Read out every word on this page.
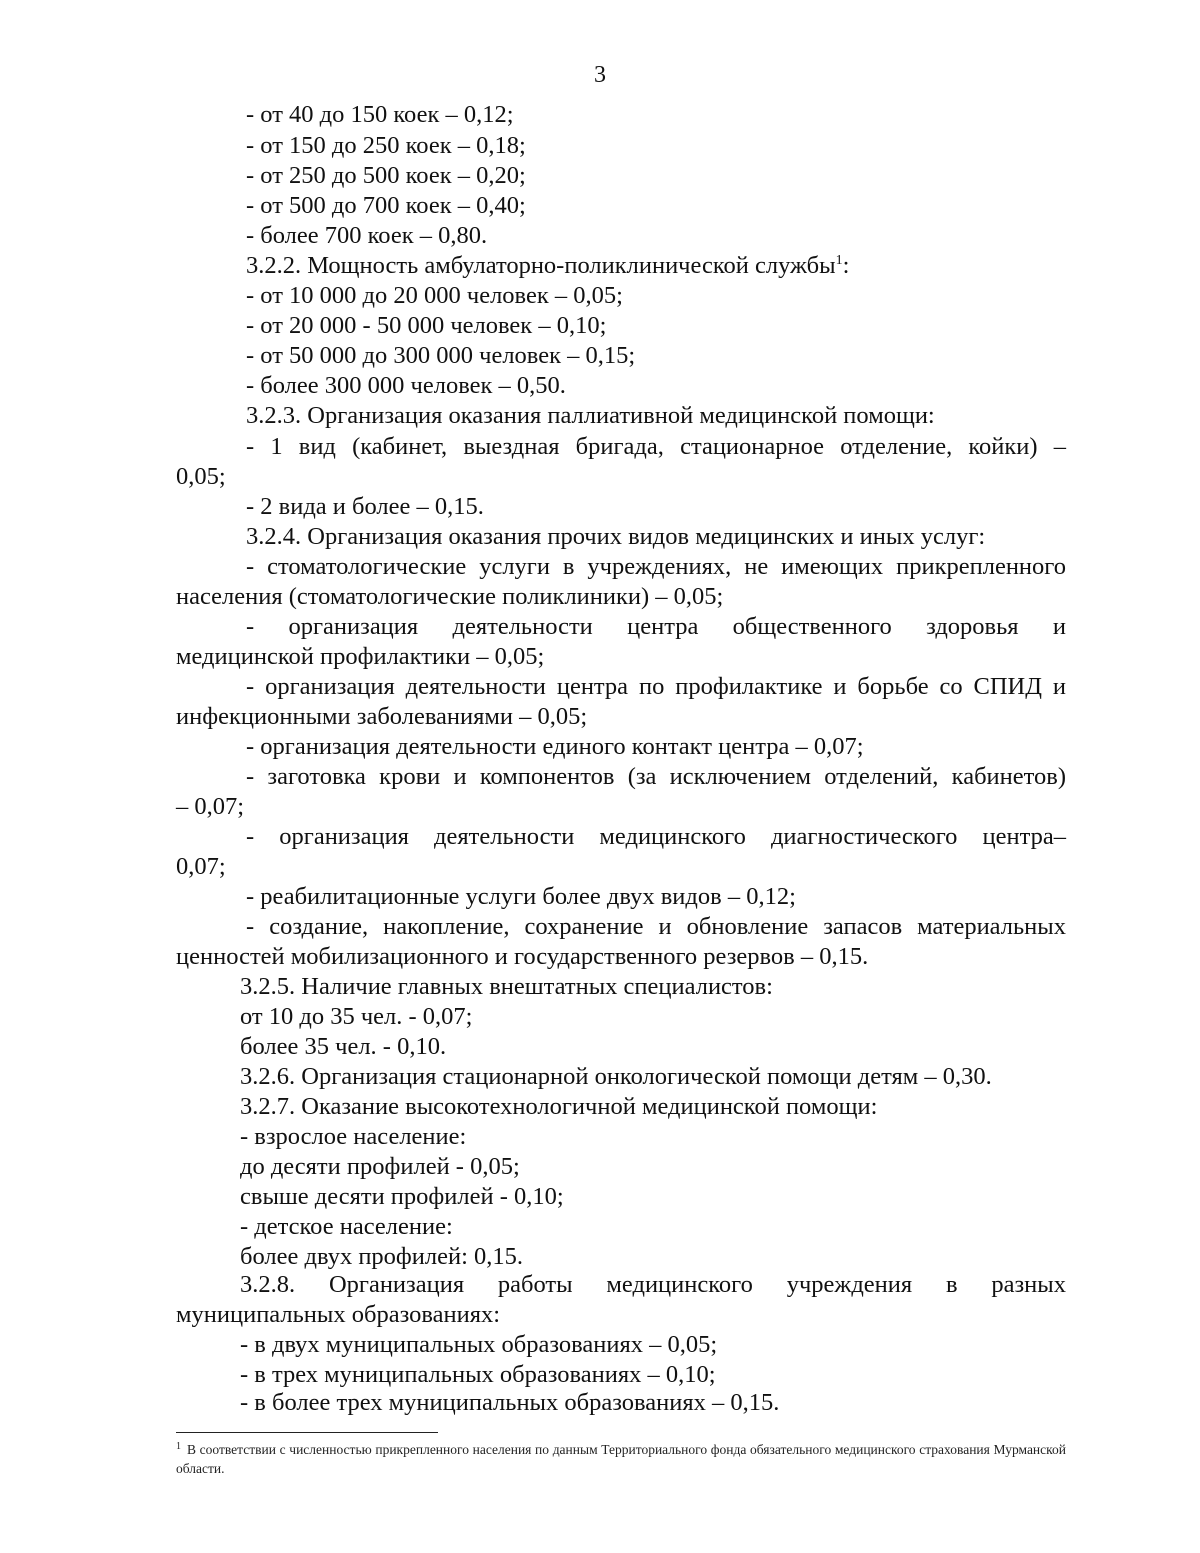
3
- от 40 до 150 коек – 0,12;
- от 150 до 250 коек – 0,18;
- от 250 до 500 коек – 0,20;
- от 500 до 700 коек – 0,40;
- более 700 коек – 0,80.
3.2.2. Мощность амбулаторно-поликлинической службы$^1$:
- от 10 000 до 20 000 человек – 0,05;
- от 20 000 - 50 000 человек – 0,10;
- от 50 000 до 300 000 человек – 0,15;
- более 300 000 человек – 0,50.
3.2.3. Организация оказания паллиативной медицинской помощи:
- 1 вид (кабинет, выездная бригада, стационарное отделение, койки) –
0,05;
- 2 вида и более – 0,15.
3.2.4. Организация оказания прочих видов медицинских и иных услуг:
- стоматологические услуги в учреждениях, не имеющих прикрепленного
населения (стоматологические поликлиники) – 0,05;
- организация деятельности центра общественного здоровья и
медицинской профилактики – 0,05;
- организация деятельности центра по профилактике и борьбе со СПИД и
инфекционными заболеваниями – 0,05;
- организация деятельности единого контакт центра – 0,07;
- заготовка крови и компонентов (за исключением отделений, кабинетов)
– 0,07;
- организация деятельности медицинского диагностического центра–
0,07;
- реабилитационные услуги более двух видов – 0,12;
- создание, накопление, сохранение и обновление запасов материальных
ценностей мобилизационного и государственного резервов – 0,15.
3.2.5. Наличие главных внештатных специалистов:
от 10 до 35 чел. - 0,07;
более 35 чел. - 0,10.
3.2.6. Организация стационарной онкологической помощи детям – 0,30.
3.2.7. Оказание высокотехнологичной медицинской помощи:
- взрослое население:
до десяти профилей - 0,05;
свыше десяти профилей - 0,10;
- детское население:
более двух профилей: 0,15.
3.2.8. Организация работы медицинского учреждения в разных
муниципальных образованиях:
- в двух муниципальных образованиях – 0,05;
- в трех муниципальных образованиях – 0,10;
- в более трех муниципальных образованиях – 0,15.
$^1$ В соответствии с численностью прикрепленного населения по данным Территориального фонда обязательного медицинского страхования Мурманской области.
